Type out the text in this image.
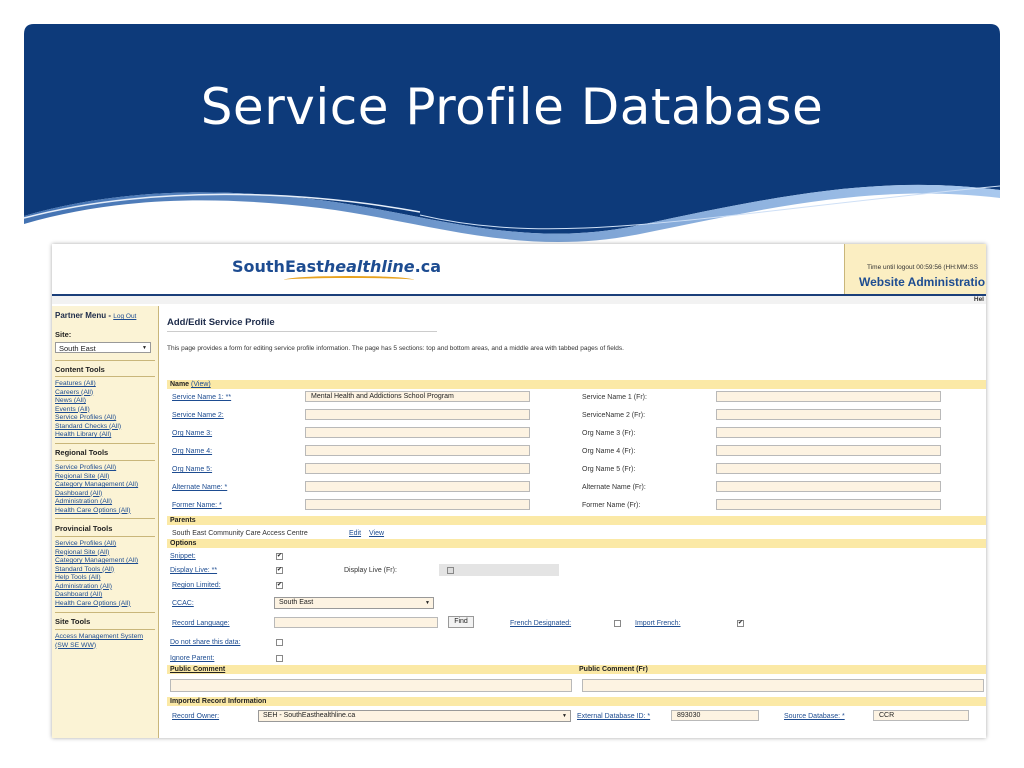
Service Profile Database
SouthEasthealthline.ca	Time until logout 00:59:56 (HH:MM:SS
Website Administratio
Hel
Partner Menu - Log Out
Site:
South East	▼
Content Tools
Features (All)
Careers (All)
News (All)
Events (All)
Service Profiles (All)
Standard Checks (All)
Health Library (All)
Regional Tools
Service Profiles (All)
Regional Site (All)
Category Management (All)
Dashboard (All)
Administration (All)
Health Care Options (All)
Provincial Tools
Service Profiles (All)
Regional Site (All)
Category Management (All)
Standard Tools (All)
Help Tools (All)
Administration (All)
Dashboard (All)
Health Care Options (All)
Site Tools
Access Management System
(SW SE WW)
Add/Edit Service Profile
This page provides a form for editing service profile information. The page has 5 sections: top and bottom areas, and a middle area with tabbed pages of fields.
Name (View)
Service Name 1: **	Mental Health and Addictions School Program	Service Name 1 (Fr):
Service Name 2:	ServiceName 2 (Fr):
Org Name 3:	Org Name 3 (Fr):
Org Name 4:	Org Name 4 (Fr):
Org Name 5:	Org Name 5 (Fr):
Alternate Name: *	Alternate Name (Fr):
Former Name: *	Former Name (Fr):
Parents
South East Community Care Access Centre	Edit View
Options
Snippet:	✔
Display Live: **	✔	Display Live (Fr):
Region Limited:	✔
CCAC:	South East	▼
Record Language:	Find	French Designated:	Import French:	✔
Do not share this data:
Ignore Parent:
Public Comment	Public Comment (Fr)
Imported Record Information
Record Owner:	SEH - SouthEasthealthline.ca	▼ External Database ID: *	893030	Source Database: *	CCR
